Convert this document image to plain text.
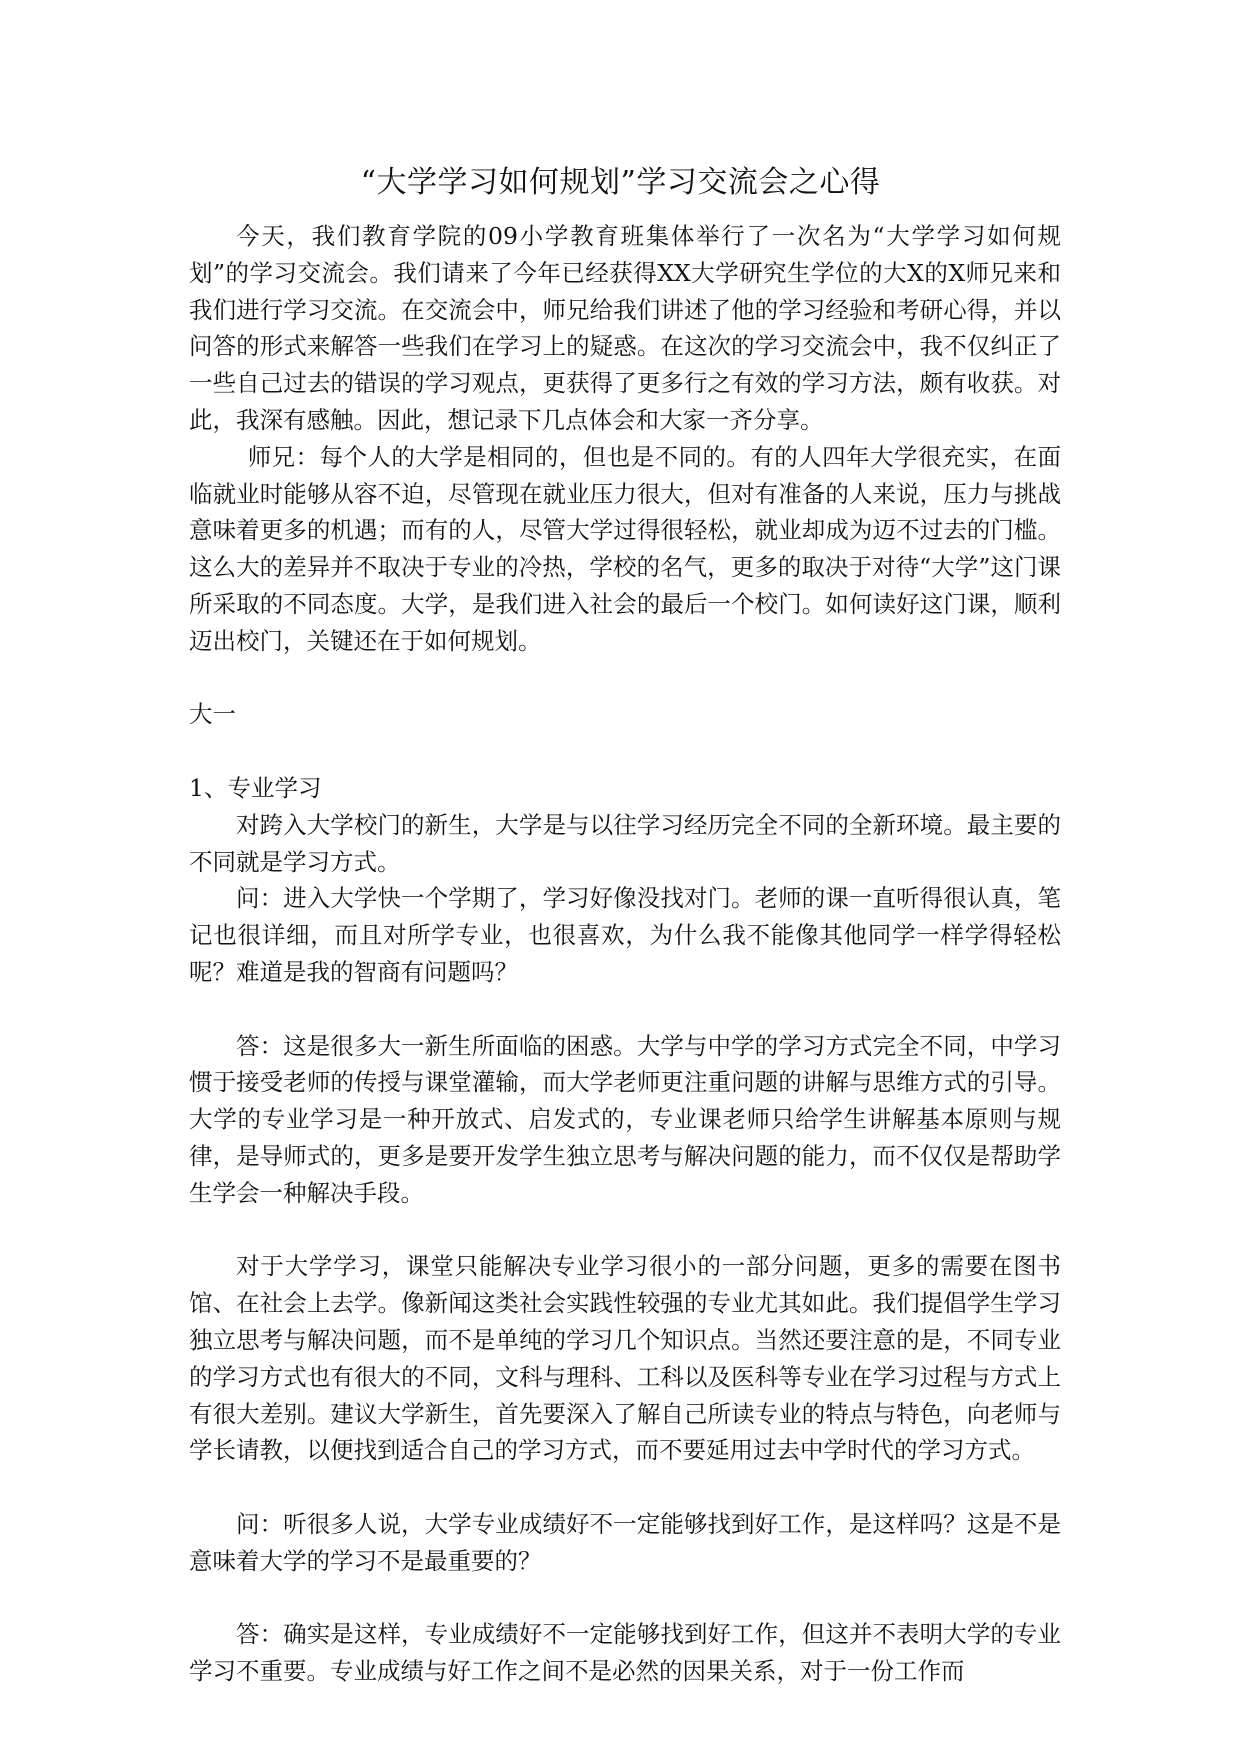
“大学学习如何规划”学习交流会之心得

今天，我们教育学院的09小学教育班集体举行了一次名为“大学学习如何规划”的学习交流会。我们请来了今年已经获得XX大学研究生学位的大X的X师兄来和我们进行学习交流。在交流会中，师兄给我们讲述了他的学习经验和考研心得，并以问答的形式来解答一些我们在学习上的疑惑。在这次的学习交流会中，我不仅纠正了一些自己过去的错误的学习观点，更获得了更多行之有效的学习方法，颇有收获。对此，我深有感触。因此，想记录下几点体会和大家一齐分享。

师兄：每个人的大学是相同的，但也是不同的。有的人四年大学很充实，在面临就业时能够从容不迫，尽管现在就业压力很大，但对有准备的人来说，压力与挑战意味着更多的机遇；而有的人，尽管大学过得很轻松，就业却成为迈不过去的门槛。这么大的差异并不取决于专业的冷热，学校的名气，更多的取决于对待“大学”这门课所采取的不同态度。大学，是我们进入社会的最后一个校门。如何读好这门课，顺利迈出校门，关键还在于如何规划。

大一

1、专业学习

对跨入大学校门的新生，大学是与以往学习经历完全不同的全新环境。最主要的不同就是学习方式。

问：进入大学快一个学期了，学习好像没找对门。老师的课一直听得很认真，笔记也很详细，而且对所学专业，也很喜欢，为什么我不能像其他同学一样学得轻松呢？难道是我的智商有问题吗？

答：这是很多大一新生所面临的困惑。大学与中学的学习方式完全不同，中学习惯于接受老师的传授与课堂灌输，而大学老师更注重问题的讲解与思维方式的引导。大学的专业学习是一种开放式、启发式的，专业课老师只给学生讲解基本原则与规律，是导师式的，更多是要开发学生独立思考与解决问题的能力，而不仅仅是帮助学生学会一种解决手段。

对于大学学习，课堂只能解决专业学习很小的一部分问题，更多的需要在图书馆、在社会上去学。像新闻这类社会实践性较强的专业尤其如此。我们提倡学生学习独立思考与解决问题，而不是单纯的学习几个知识点。当然还要注意的是，不同专业的学习方式也有很大的不同，文科与理科、工科以及医科等专业在学习过程与方式上有很大差别。建议大学新生，首先要深入了解自己所读专业的特点与特色，向老师与学长请教，以便找到适合自己的学习方式，而不要延用过去中学时代的学习方式。

问：听很多人说，大学专业成绩好不一定能够找到好工作，是这样吗？这是不是意味着大学的学习不是最重要的？

答：确实是这样，专业成绩好不一定能够找到好工作，但这并不表明大学的专业学习不重要。专业成绩与好工作之间不是必然的因果关系，对于一份工作而
